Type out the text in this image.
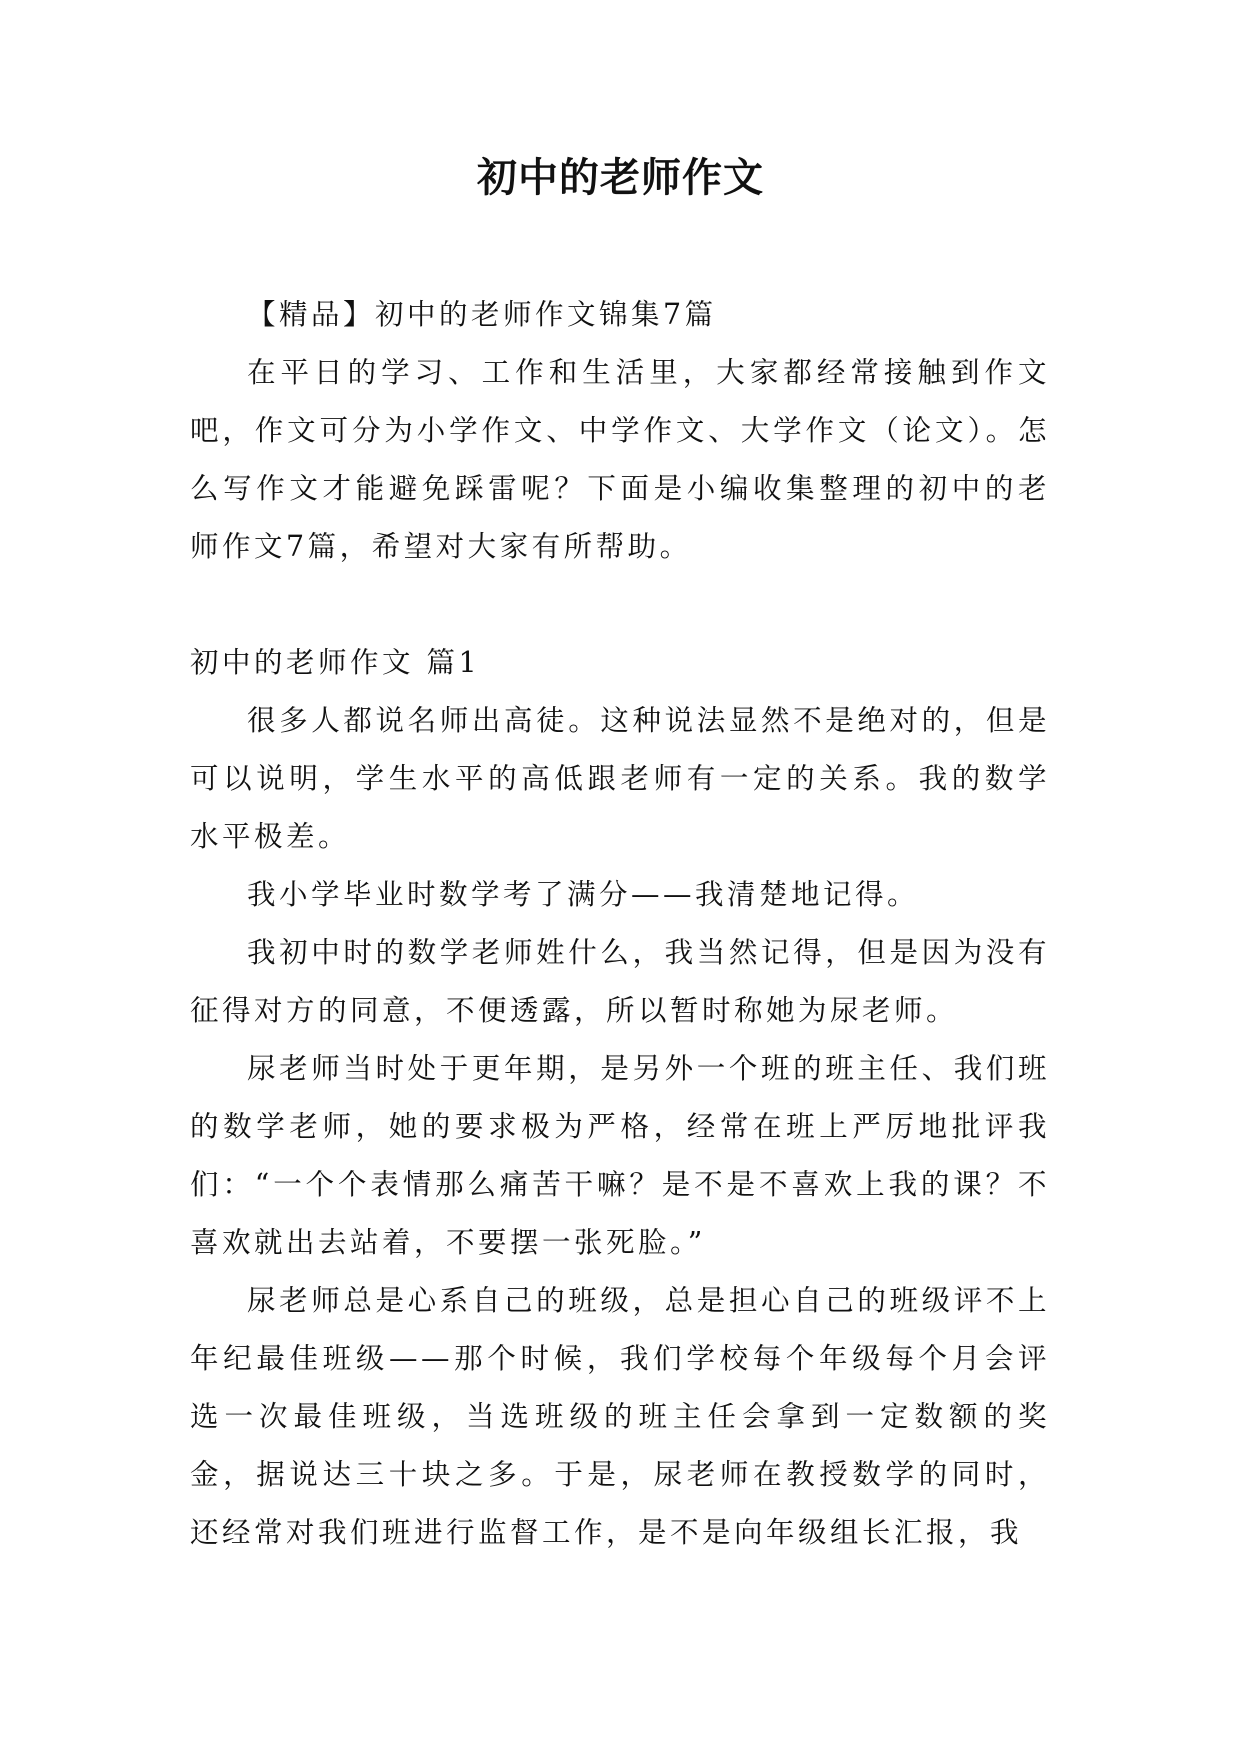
初中的老师作文

【精品】初中的老师作文锦集7篇

在平日的学习、工作和生活里，大家都经常接触到作文吧，作文可分为小学作文、中学作文、大学作文（论文）。怎么写作文才能避免踩雷呢？下面是小编收集整理的初中的老师作文7篇，希望对大家有所帮助。

初中的老师作文 篇1

很多人都说名师出高徒。这种说法显然不是绝对的，但是可以说明，学生水平的高低跟老师有一定的关系。我的数学水平极差。

我小学毕业时数学考了满分——我清楚地记得。

我初中时的数学老师姓什么，我当然记得，但是因为没有征得对方的同意，不便透露，所以暂时称她为尿老师。

尿老师当时处于更年期，是另外一个班的班主任、我们班的数学老师，她的要求极为严格，经常在班上严厉地批评我们：“一个个表情那么痛苦干嘛？是不是不喜欢上我的课？不喜欢就出去站着，不要摆一张死脸。”

尿老师总是心系自己的班级，总是担心自己的班级评不上年纪最佳班级——那个时候，我们学校每个年级每个月会评选一次最佳班级，当选班级的班主任会拿到一定数额的奖金，据说达三十块之多。于是，尿老师在教授数学的同时，还经常对我们班进行监督工作，是不是向年级组长汇报，我
